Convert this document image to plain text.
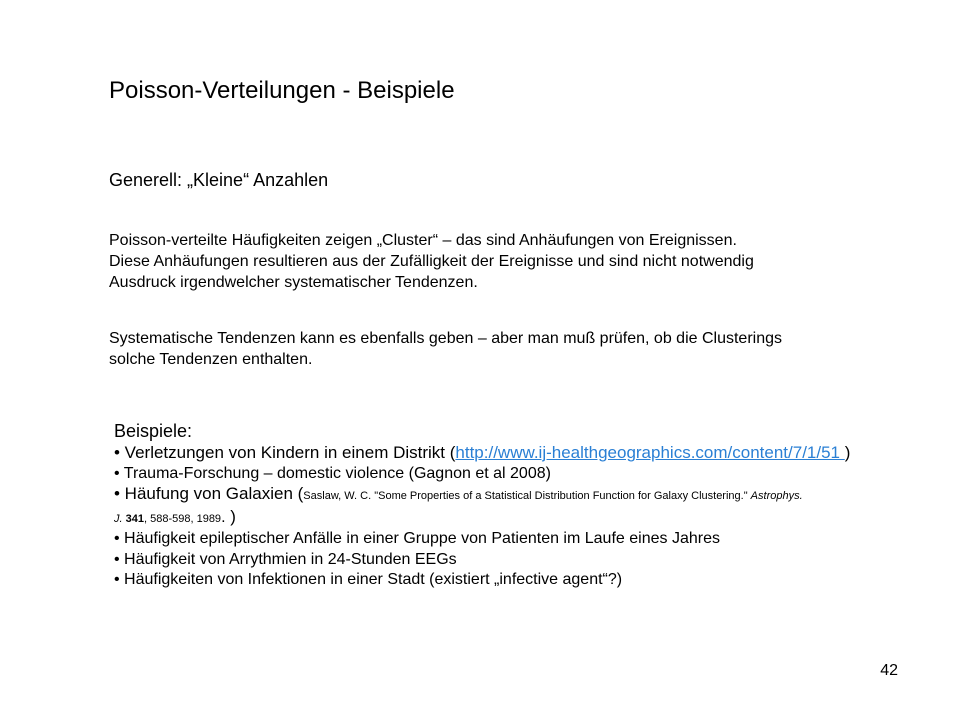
Poisson-Verteilungen - Beispiele
Generell: „Kleine“ Anzahlen
Poisson-verteilte Häufigkeiten zeigen „Cluster“ – das sind Anhäufungen von Ereignissen.
Diese Anhäufungen resultieren aus der Zufälligkeit der Ereignisse und sind nicht notwendig
Ausdruck irgendwelcher systematischer Tendenzen.
Systematische Tendenzen kann es ebenfalls geben – aber man muß prüfen, ob die Clusterings
solche Tendenzen enthalten.
Beispiele:
• Verletzungen von Kindern in einem Distrikt (http://www.ij-healthgeographics.com/content/7/1/51 )
• Trauma-Forschung – domestic violence (Gagnon et al 2008)
• Häufung von Galaxien (Saslaw, W. C. "Some Properties of a Statistical Distribution Function for Galaxy Clustering." Astrophys.
J. 341, 588-598, 1989. )
• Häufigkeit epileptischer Anfälle in einer Gruppe von Patienten im Laufe eines Jahres
• Häufigkeit von Arrythmien in 24-Stunden EEGs
• Häufigkeiten von Infektionen in einer Stadt (existiert „infective agent“?)
42
